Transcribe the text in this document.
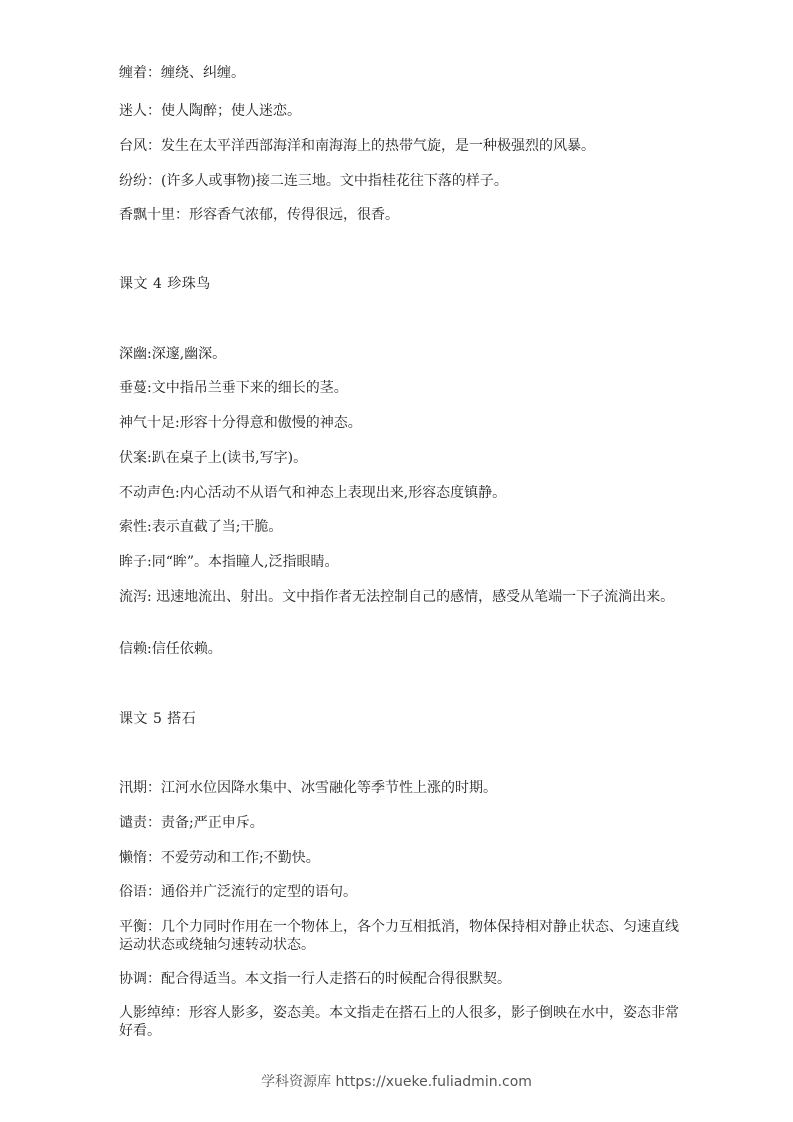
缠着：缠绕、纠缠。
迷人：使人陶醉；使人迷恋。
台风：发生在太平洋西部海洋和南海海上的热带气旋，是一种极强烈的风暴。
纷纷：(许多人或事物)接二连三地。文中指桂花往下落的样子。
香飘十里：形容香气浓郁，传得很远，很香。
课文 4 珍珠鸟
深幽:深邃,幽深。
垂蔓:文中指吊兰垂下来的细长的茎。
神气十足:形容十分得意和傲慢的神态。
伏案:趴在桌子上(读书,写字)。
不动声色:内心活动不从语气和神态上表现出来,形容态度镇静。
索性:表示直截了当;干脆。
眸子:同“眸”。本指瞳人,泛指眼睛。
流泻: 迅速地流出、射出。文中指作者无法控制自己的感情，感受从笔端一下子流淌出来。
信赖:信任依赖。
课文 5 搭石
汛期：江河水位因降水集中、冰雪融化等季节性上涨的时期。
谴责：责备;严正申斥。
懒惰：不爱劳动和工作;不勤快。
俗语：通俗并广泛流行的定型的语句。
平衡：几个力同时作用在一个物体上，各个力互相抵消，物体保持相对静止状态、匀速直线运动状态或绕轴匀速转动状态。
协调：配合得适当。本文指一行人走搭石的时候配合得很默契。
人影绰绰：形容人影多，姿态美。本文指走在搭石上的人很多，影子倒映在水中，姿态非常好看。
学科资源库 https://xueke.fuliadmin.com
